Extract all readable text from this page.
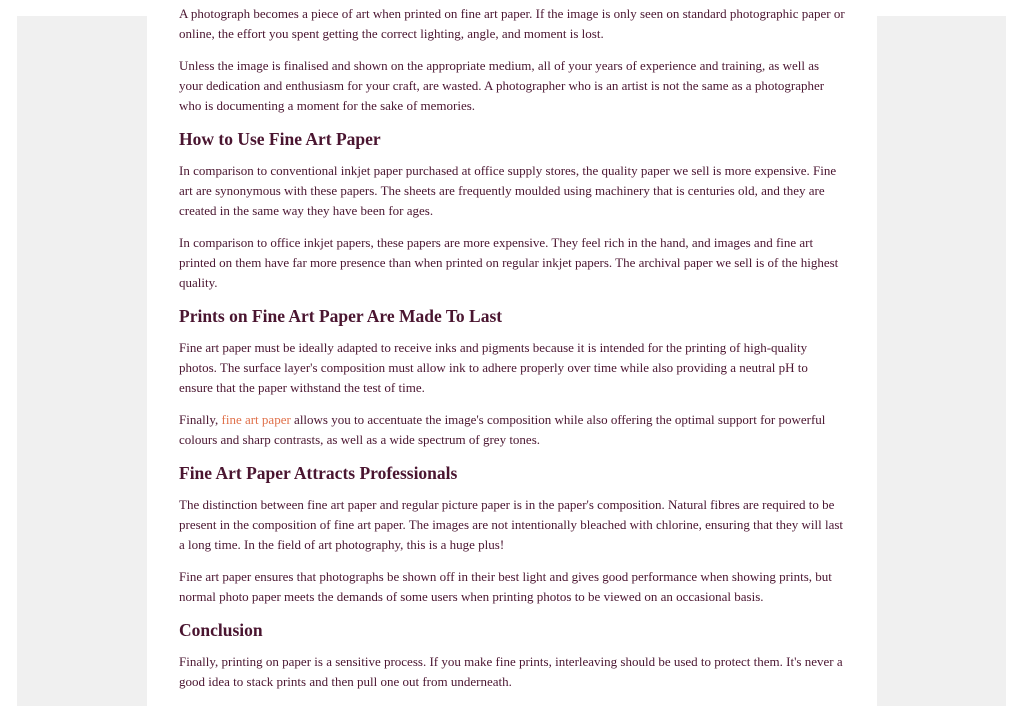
A photograph becomes a piece of art when printed on fine art paper. If the image is only seen on standard photographic paper or online, the effort you spent getting the correct lighting, angle, and moment is lost.

Unless the image is finalised and shown on the appropriate medium, all of your years of experience and training, as well as your dedication and enthusiasm for your craft, are wasted. A photographer who is an artist is not the same as a photographer who is documenting a moment for the sake of memories.

How to Use Fine Art Paper

In comparison to conventional inkjet paper purchased at office supply stores, the quality paper we sell is more expensive. Fine art are synonymous with these papers. The sheets are frequently moulded using machinery that is centuries old, and they are created in the same way they have been for ages.

In comparison to office inkjet papers, these papers are more expensive. They feel rich in the hand, and images and fine art printed on them have far more presence than when printed on regular inkjet papers. The archival paper we sell is of the highest quality.

Prints on Fine Art Paper Are Made To Last

Fine art paper must be ideally adapted to receive inks and pigments because it is intended for the printing of high-quality photos. The surface layer's composition must allow ink to adhere properly over time while also providing a neutral pH to ensure that the paper withstand the test of time.

Finally, fine art paper allows you to accentuate the image's composition while also offering the optimal support for powerful colours and sharp contrasts, as well as a wide spectrum of grey tones.

Fine Art Paper Attracts Professionals

The distinction between fine art paper and regular picture paper is in the paper's composition. Natural fibres are required to be present in the composition of fine art paper. The images are not intentionally bleached with chlorine, ensuring that they will last a long time. In the field of art photography, this is a huge plus!

Fine art paper ensures that photographs be shown off in their best light and gives good performance when showing prints, but normal photo paper meets the demands of some users when printing photos to be viewed on an occasional basis.

Conclusion

Finally, printing on paper is a sensitive process. If you make fine prints, interleaving should be used to protect them. It's never a good idea to stack prints and then pull one out from underneath.
